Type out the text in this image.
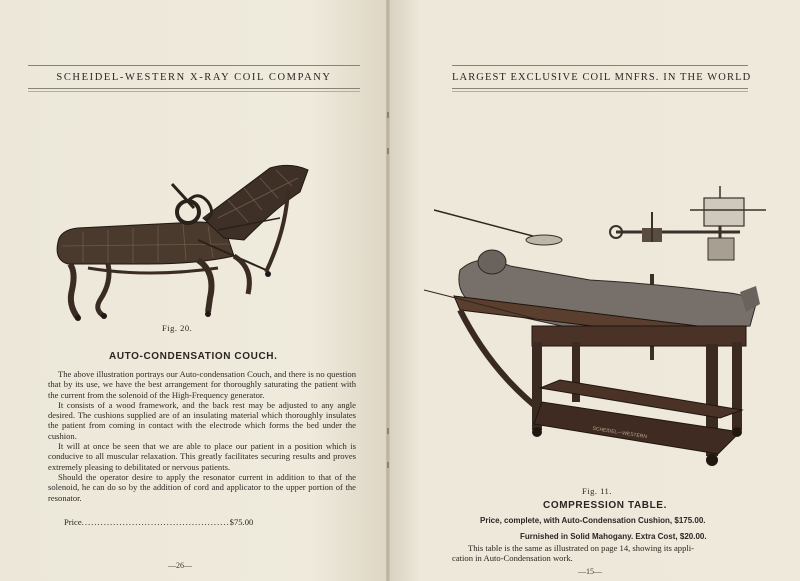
SCHEIDEL-WESTERN X-RAY COIL COMPANY
Fig. 20.
AUTO-CONDENSATION COUCH.

The above illustration portrays our Auto-condensation Couch, and there is no question that by its use, we have the best arrangement for thoroughly saturating the patient with the current from the solenoid of the High-Frequency generator.

It consists of a wood framework, and the back rest may be adjusted to any angle desired. The cushions supplied are of an insulating material which thoroughly insulates the patient from coming in contact with the electrode which forms the bed under the cushion.

It will at once be seen that we are able to place our patient in a position which is conducive to all muscular relaxation. This greatly facilitates securing results and proves extremely pleasing to debilitated or nervous patients.

Should the operator desire to apply the resonator current in addition to that of the solenoid, he can do so by the addition of cord and applicator to the upper portion of the resonator.

Price...............................................$75.00
—26—
LARGEST EXCLUSIVE COIL MNFRS. IN THE WORLD
SCHEIDEL—WESTERN
Fig. 11.
COMPRESSION TABLE.
Price, complete, with Auto-Condensation Cushion, $175.00.
Furnished in Solid Mahogany. Extra Cost, $20.00.
This table is the same as illustrated on page 14, showing its appli-
cation in Auto-Condensation work.
—15—
